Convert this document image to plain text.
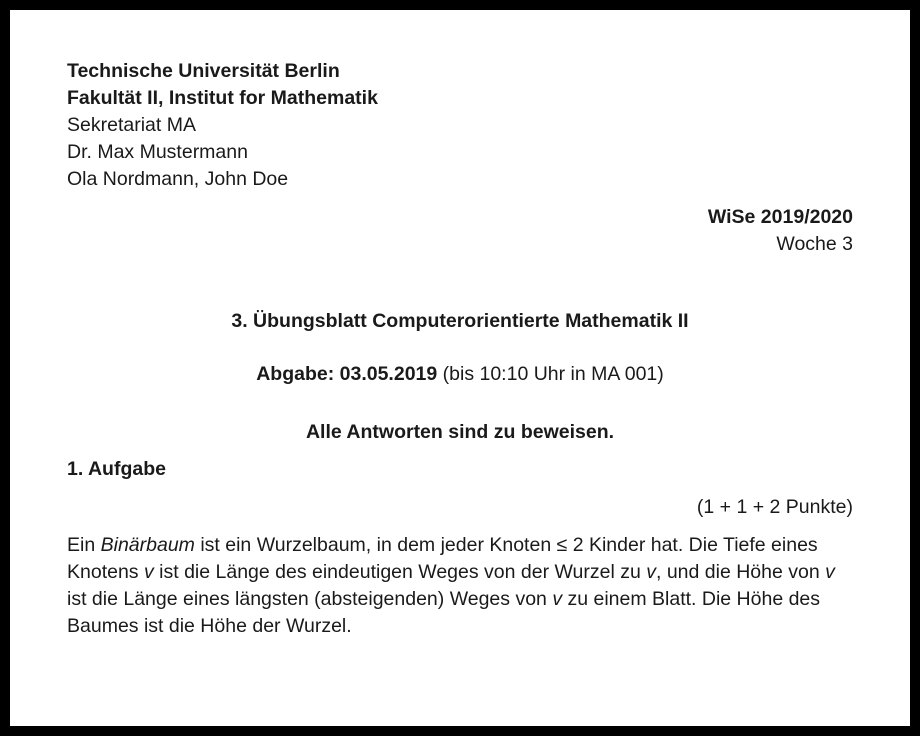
Technische Universität Berlin
Fakultät II, Institut for Mathematik
Sekretariat MA
Dr. Max Mustermann
Ola Nordmann, John Doe
WiSe 2019/2020
Woche 3
3. Übungsblatt Computerorientierte Mathematik II
Abgabe: 03.05.2019 (bis 10:10 Uhr in MA 001)
Alle Antworten sind zu beweisen.
1. Aufgabe
(1 + 1 + 2 Punkte)
Ein Binärbaum ist ein Wurzelbaum, in dem jeder Knoten ≤ 2 Kinder hat. Die Tiefe eines
Knotens v ist die Länge des eindeutigen Weges von der Wurzel zu v, und die Höhe von v
ist die Länge eines längsten (absteigenden) Weges von v zu einem Blatt. Die Höhe des
Baumes ist die Höhe der Wurzel.
